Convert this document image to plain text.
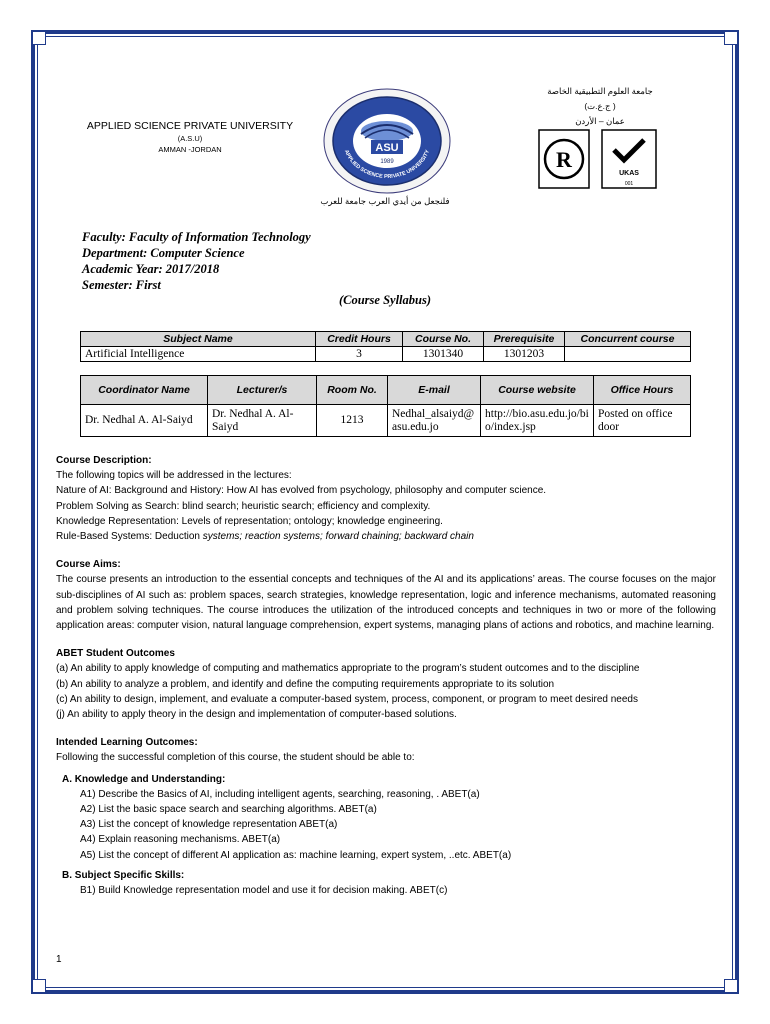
APPLIED SCIENCE PRIVATE UNIVERSITY
(A.S.U)
AMMAN -JORDAN	ASU
1989
APPLIED SCIENCE PRIVATE UNIVERSITY
جامعة العلوم التطبيقية الخاصة
( ج.ع.ت)
عمان – الأردن
R
UKAS
001
فلنجعل من أيدي العرب جامعة للعرب
Faculty: Faculty of Information Technology
Department: Computer Science
Academic Year: 2017/2018
Semester: First
(Course Syllabus)
Subject Name	Credit Hours	Course No.	Prerequisite	Concurrent course
Artificial Intelligence	3	1301340	1301203	
Coordinator Name	Lecturer/s	Room No.	E-mail	Course website	Office Hours
Dr. Nedhal A. Al-Saiyd	Dr. Nedhal A. Al-Saiyd	1213	Nedhal_alsaiyd@asu.edu.jo	http://bio.asu.edu.jo/bio/index.jsp	Posted on office door
Course Description:

The following topics will be addressed in the lectures:

Nature of AI: Background and History: How AI has evolved from psychology, philosophy and computer science.

Problem Solving as Search: blind search; heuristic search; efficiency and complexity.

Knowledge Representation: Levels of representation; ontology; knowledge engineering.

Rule-Based Systems: Deduction systems; reaction systems; forward chaining; backward chain

Course Aims:

The course presents an introduction to the essential concepts and techniques of the AI and its applications’ areas. The course focuses on the major sub-disciplines of AI such as: problem spaces, search strategies, knowledge representation, logic and inference mechanisms, automated reasoning and problem solving techniques. The course introduces the utilization of the introduced concepts and techniques in two or more of the following application areas: computer vision, natural language comprehension, expert systems, managing plans of actions and robotics, and machine learning.

ABET Student Outcomes

(a) An ability to apply knowledge of computing and mathematics appropriate to the program’s student outcomes and to the discipline

(b) An ability to analyze a problem, and identify and define the computing requirements appropriate to its solution

(c) An ability to design, implement, and evaluate a computer-based system, process, component, or program to meet desired needs

(j) An ability to apply theory in the design and implementation of computer-based solutions.

Intended Learning Outcomes:

Following the successful completion of this course, the student should be able to:

A. Knowledge and Understanding:

A1) Describe the Basics of AI, including intelligent agents, searching, reasoning, . ABET(a)

A2) List the basic space search and searching algorithms. ABET(a)

A3) List the concept of knowledge representation ABET(a)

A4) Explain reasoning mechanisms. ABET(a)

A5) List the concept of different AI application as: machine learning, expert system, ..etc. ABET(a)

B. Subject Specific Skills:

B1) Build Knowledge representation model and use it for decision making. ABET(c)

1
